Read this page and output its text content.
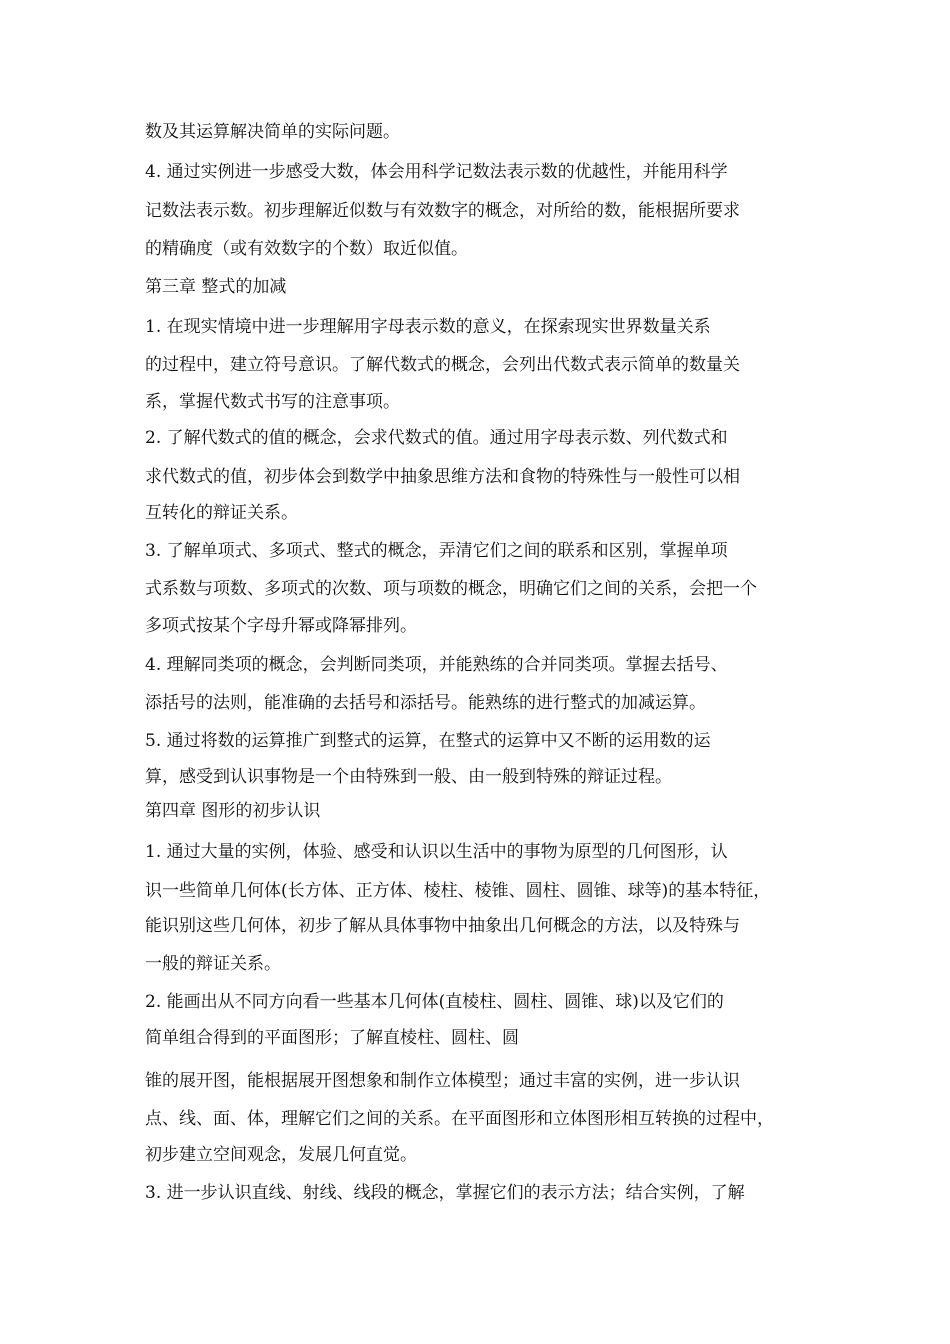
数及其运算解决简单的实际问题。
4. 通过实例进一步感受大数，体会用科学记数法表示数的优越性，并能用科学
记数法表示数。初步理解近似数与有效数字的概念，对所给的数，能根据所要求
的精确度（或有效数字的个数）取近似值。
第三章 整式的加减
1. 在现实情境中进一步理解用字母表示数的意义，在探索现实世界数量关系
的过程中，建立符号意识。了解代数式的概念，会列出代数式表示简单的数量关
系，掌握代数式书写的注意事项。
2. 了解代数式的值的概念，会求代数式的值。通过用字母表示数、列代数式和
求代数式的值，初步体会到数学中抽象思维方法和食物的特殊性与一般性可以相
互转化的辩证关系。
3. 了解单项式、多项式、整式的概念，弄清它们之间的联系和区别，掌握单项
式系数与项数、多项式的次数、项与项数的概念，明确它们之间的关系，会把一个
多项式按某个字母升幂或降幂排列。
4. 理解同类项的概念，会判断同类项，并能熟练的合并同类项。掌握去括号、
添括号的法则，能准确的去括号和添括号。能熟练的进行整式的加减运算。
5. 通过将数的运算推广到整式的运算，在整式的运算中又不断的运用数的运
算，感受到认识事物是一个由特殊到一般、由一般到特殊的辩证过程。
第四章 图形的初步认识
1. 通过大量的实例，体验、感受和认识以生活中的事物为原型的几何图形，认
识一些简单几何体(长方体、正方体、棱柱、棱锥、圆柱、圆锥、球等)的基本特征，
能识别这些几何体，初步了解从具体事物中抽象出几何概念的方法，以及特殊与
一般的辩证关系。
2. 能画出从不同方向看一些基本几何体(直棱柱、圆柱、圆锥、球)以及它们的
简单组合得到的平面图形；了解直棱柱、圆柱、圆
锥的展开图，能根据展开图想象和制作立体模型；通过丰富的实例，进一步认识
点、线、面、体，理解它们之间的关系。在平面图形和立体图形相互转换的过程中，
初步建立空间观念，发展几何直觉。
3. 进一步认识直线、射线、线段的概念，掌握它们的表示方法；结合实例，了解
